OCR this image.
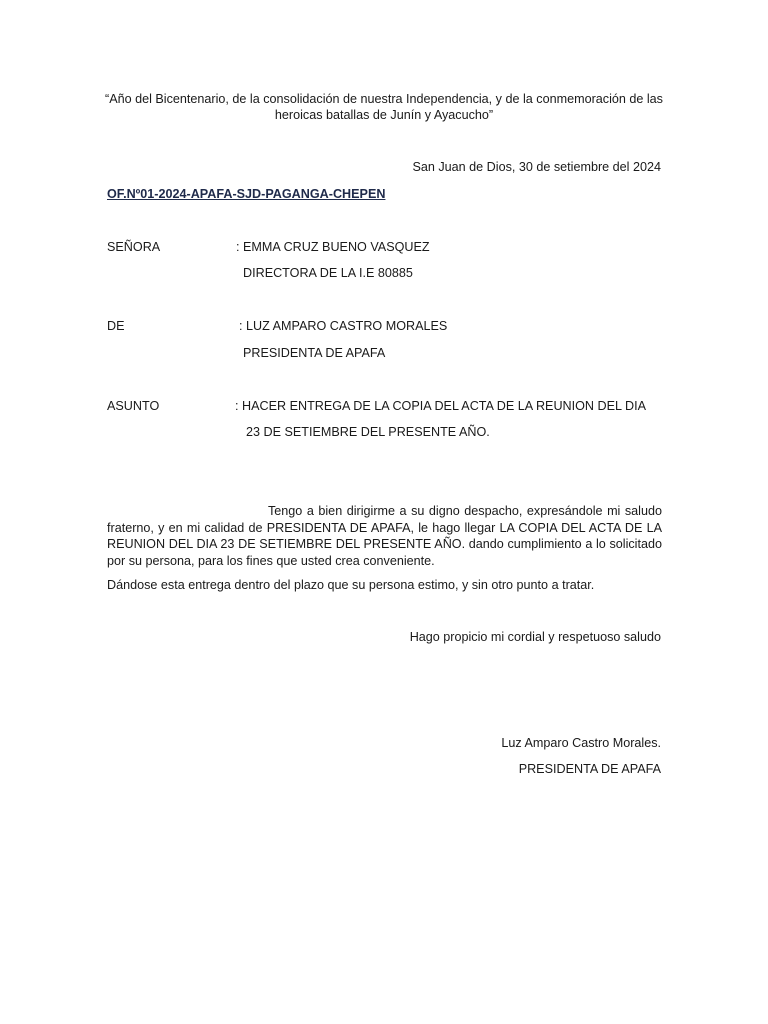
“Año del Bicentenario, de la consolidación de nuestra Independencia, y de la conmemoración de las heroicas batallas de Junín y Ayacucho”
San Juan de Dios, 30 de setiembre del 2024
OF.Nº01-2024-APAFA-SJD-PAGANGA-CHEPEN
SEÑORA	: EMMA CRUZ BUENO VASQUEZ
DIRECTORA DE LA I.E 80885
DE	: LUZ AMPARO CASTRO MORALES
PRESIDENTA DE APAFA
ASUNTO	: HACER ENTREGA DE LA COPIA DEL ACTA DE LA REUNION DEL DIA
23 DE SETIEMBRE DEL PRESENTE AÑO.
Tengo a bien dirigirme a su digno despacho, expresándole mi saludo fraterno, y en mi calidad de PRESIDENTA DE APAFA, le hago llegar LA COPIA DEL ACTA DE LA REUNION DEL DIA 23 DE SETIEMBRE DEL PRESENTE AÑO. dando cumplimiento a lo solicitado por su persona, para los fines que usted crea conveniente.
Dándose esta entrega dentro del plazo que su persona estimo, y sin otro punto a tratar.
Hago propicio mi cordial y respetuoso saludo
Luz Amparo Castro Morales.
PRESIDENTA DE APAFA
